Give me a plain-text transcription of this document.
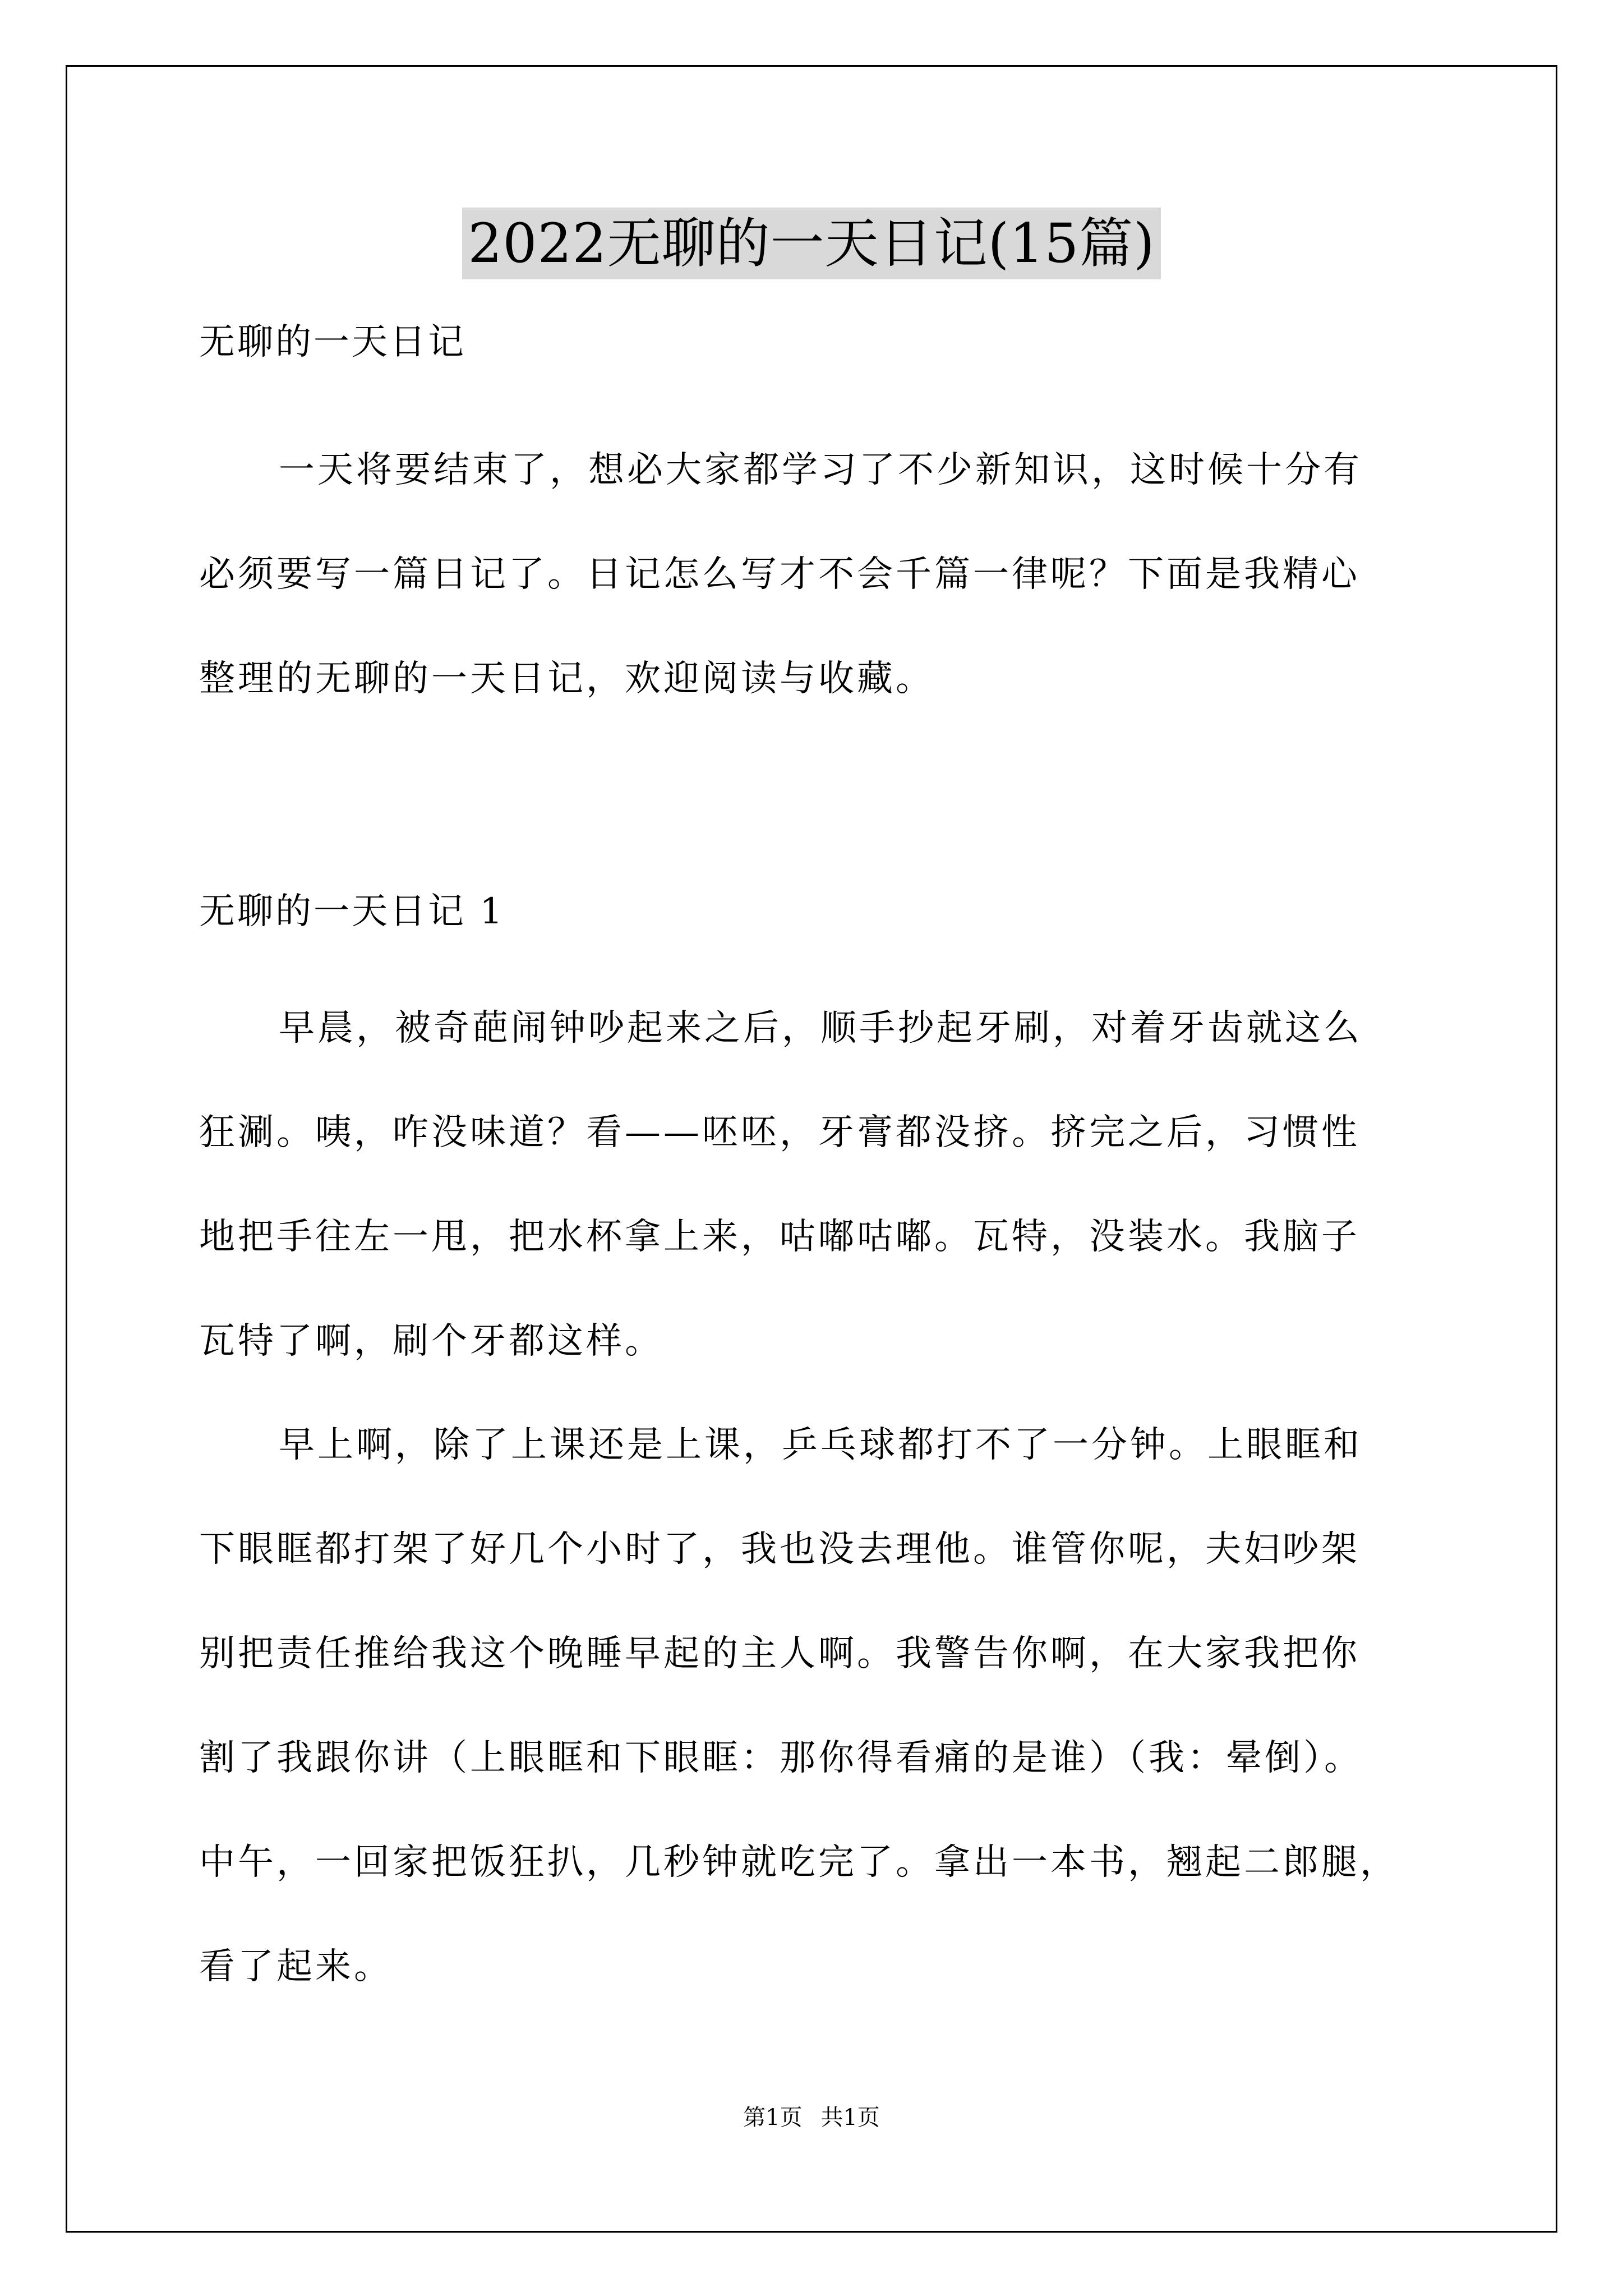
2022无聊的一天日记(15篇)
无聊的一天日记
一天将要结束了，想必大家都学习了不少新知识，这时候十分有
必须要写一篇日记了。日记怎么写才不会千篇一律呢？下面是我精心
整理的无聊的一天日记，欢迎阅读与收藏。
无聊的一天日记 1
早晨，被奇葩闹钟吵起来之后，顺手抄起牙刷，对着牙齿就这么
狂涮。咦，咋没味道？看——呸呸，牙膏都没挤。挤完之后，习惯性
地把手往左一甩，把水杯拿上来，咕嘟咕嘟。瓦特，没装水。我脑子
瓦特了啊，刷个牙都这样。
早上啊，除了上课还是上课，乒乓球都打不了一分钟。上眼眶和
下眼眶都打架了好几个小时了，我也没去理他。谁管你呢，夫妇吵架
别把责任推给我这个晚睡早起的主人啊。我警告你啊，在大家我把你
割了我跟你讲（上眼眶和下眼眶：那你得看痛的是谁）（我：晕倒）。
中午，一回家把饭狂扒，几秒钟就吃完了。拿出一本书，翘起二郎腿，
看了起来。
第1页 共1页
